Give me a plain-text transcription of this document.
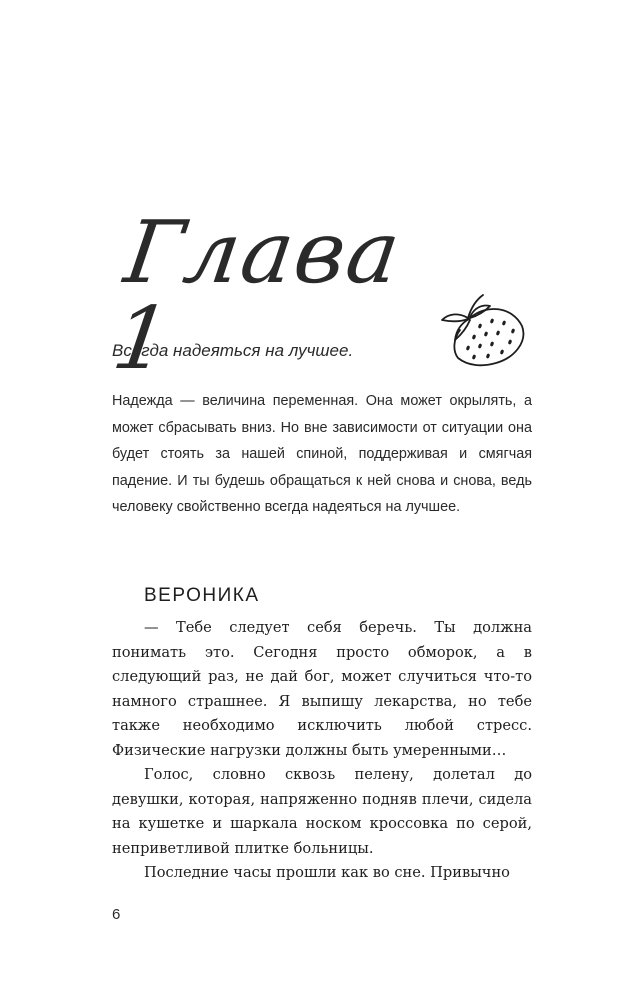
Глава 1
Всегда надеяться на лучшее.

Надежда — величина переменная. Она может окрылять, а может сбрасывать вниз. Но вне зависимости от ситуации она будет стоять за нашей спиной, поддерживая и смягчая падение. И ты будешь обращаться к ней снова и снова, ведь человеку свойственно всегда надеяться на лучшее.

ВЕРОНИКА

— Тебе следует себя беречь. Ты должна понимать это. Сегодня просто обморок, а в следующий раз, не дай бог, может случиться что-то намного страшнее. Я выпишу лекарства, но тебе также необходимо исключить любой стресс. Физические нагрузки должны быть умеренными…

Голос, словно сквозь пелену, долетал до девушки, которая, напряженно подняв плечи, сидела на кушетке и шаркала носком кроссовка по серой, неприветливой плитке больницы.

Последние часы прошли как во сне. Привычно

6
